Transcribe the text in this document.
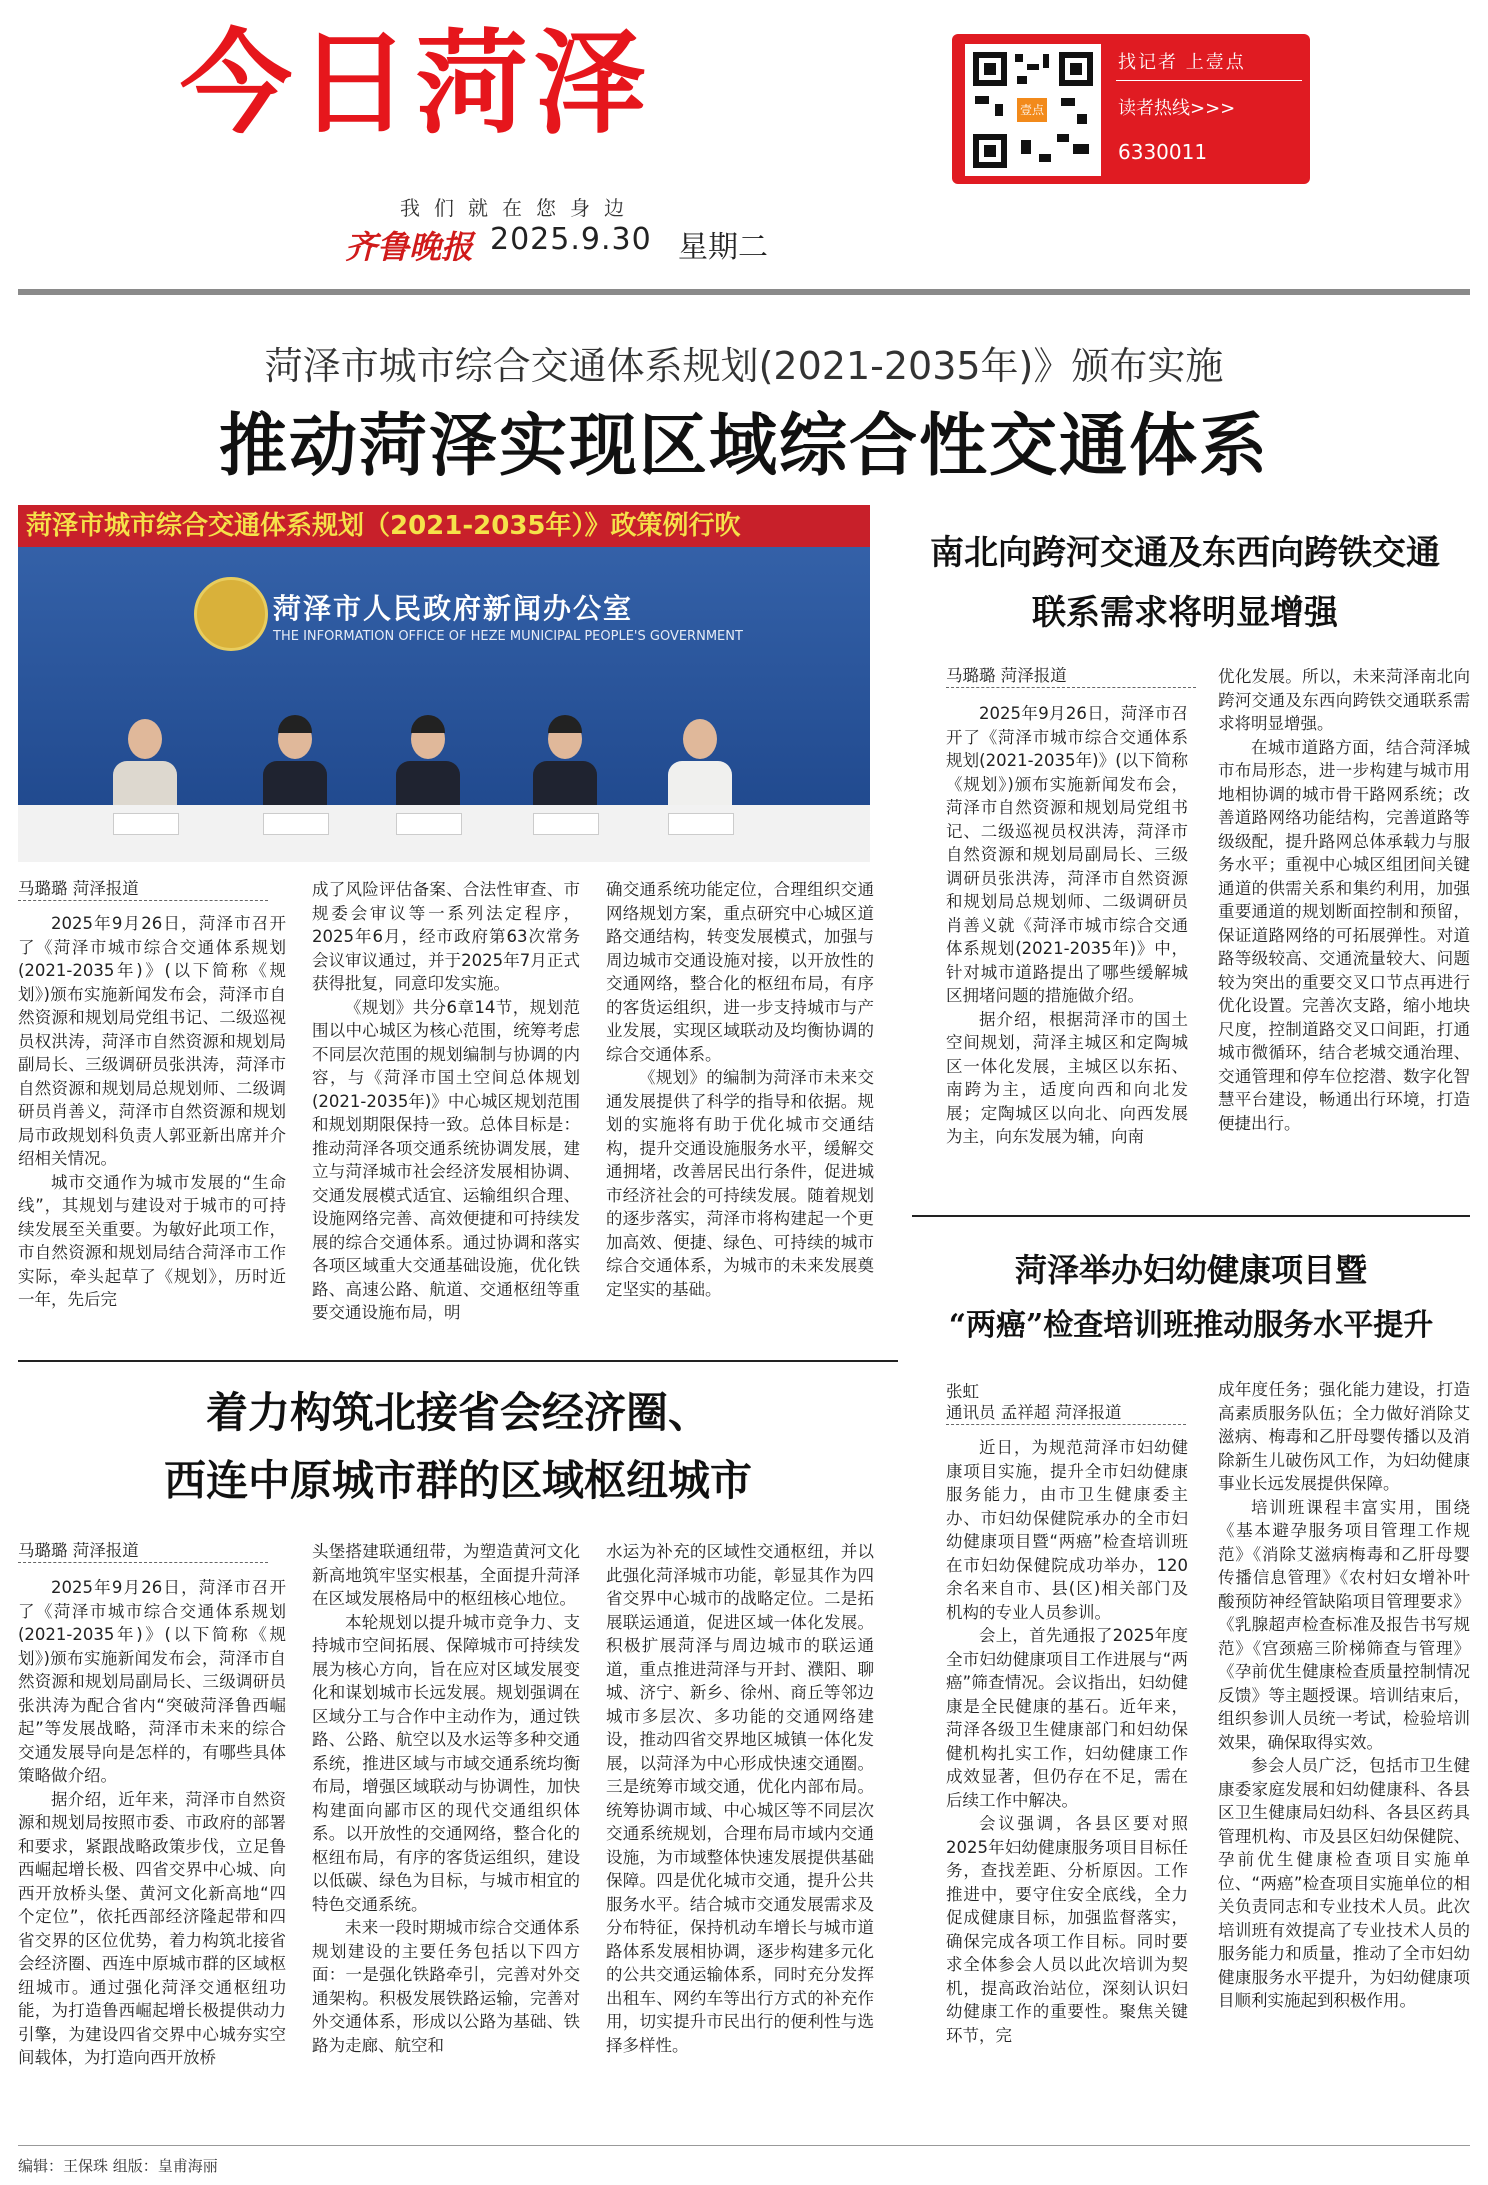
今日菏泽
我们就在您身边
齐鲁晚报 2025.9.30 星期二
壹点
找记者 上壹点
读者热线>>>
6330011
菏泽市城市综合交通体系规划(2021-2035年)》颁布实施
推动菏泽实现区域综合性交通体系
菏泽市城市综合交通体系规划（2021-2035年）》政策例行吹
菏泽市人民政府新闻办公室
THE INFORMATION OFFICE OF HEZE MUNICIPAL PEOPLE'S GOVERNMENT
马璐璐 菏泽报道

2025年9月26日，菏泽市召开了《菏泽市城市综合交通体系规划(2021-2035年)》(以下简称《规划》)颁布实施新闻发布会，菏泽市自然资源和规划局党组书记、二级巡视员权洪涛，菏泽市自然资源和规划局副局长、三级调研员张洪涛，菏泽市自然资源和规划局总规划师、二级调研员肖善义，菏泽市自然资源和规划局市政规划科负责人郭亚新出席并介绍相关情况。

城市交通作为城市发展的“生命线”，其规划与建设对于城市的可持续发展至关重要。为敏好此项工作，市自然资源和规划局结合菏泽市工作实际，牵头起草了《规划》，历时近一年，先后完

成了风险评估备案、合法性审查、市规委会审议等一系列法定程序，2025年6月，经市政府第63次常务会议审议通过，并于2025年7月正式获得批复，同意印发实施。

《规划》共分6章14节，规划范围以中心城区为核心范围，统筹考虑不同层次范围的规划编制与协调的内容，与《菏泽市国土空间总体规划(2021-2035年)》中心城区规划范围和规划期限保持一致。总体目标是：推动菏泽各项交通系统协调发展，建立与菏泽城市社会经济发展相协调、交通发展模式适宜、运输组织合理、设施网络完善、高效便捷和可持续发展的综合交通体系。通过协调和落实各项区域重大交通基础设施，优化铁路、高速公路、航道、交通枢纽等重要交通设施布局，明

确交通系统功能定位，合理组织交通网络规划方案，重点研究中心城区道路交通结构，转变发展模式，加强与周边城市交通设施对接，以开放性的交通网络，整合化的枢纽布局，有序的客货运组织，进一步支持城市与产业发展，实现区域联动及均衡协调的综合交通体系。

《规划》的编制为菏泽市未来交通发展提供了科学的指导和依据。规划的实施将有助于优化城市交通结构，提升交通设施服务水平，缓解交通拥堵，改善居民出行条件，促进城市经济社会的可持续发展。随着规划的逐步落实，菏泽市将构建起一个更加高效、便捷、绿色、可持续的城市综合交通体系，为城市的未来发展奠定坚实的基础。

南北向跨河交通及东西向跨铁交通
联系需求将明显增强
马璐璐 菏泽报道

2025年9月26日，菏泽市召开了《菏泽市城市综合交通体系规划(2021-2035年)》(以下简称《规划》)颁布实施新闻发布会，菏泽市自然资源和规划局党组书记、二级巡视员权洪涛，菏泽市自然资源和规划局副局长、三级调研员张洪涛，菏泽市自然资源和规划局总规划师、二级调研员肖善义就《菏泽市城市综合交通体系规划(2021-2035年)》中，针对城市道路提出了哪些缓解城区拥堵问题的措施做介绍。

据介绍，根据菏泽市的国土空间规划，菏泽主城区和定陶城区一体化发展，主城区以东拓、南跨为主，适度向西和向北发展；定陶城区以向北、向西发展为主，向东发展为辅，向南

优化发展。所以，未来菏泽南北向跨河交通及东西向跨铁交通联系需求将明显增强。

在城市道路方面，结合菏泽城市布局形态，进一步构建与城市用地相协调的城市骨干路网系统；改善道路网络功能结构，完善道路等级级配，提升路网总体承载力与服务水平；重视中心城区组团间关键通道的供需关系和集约利用，加强重要通道的规划断面控制和预留，保证道路网络的可拓展弹性。对道路等级较高、交通流量较大、问题较为突出的重要交叉口节点再进行优化设置。完善次支路，缩小地块尺度，控制道路交叉口间距，打通城市微循环，结合老城交通治理、交通管理和停车位挖潜、数字化智慧平台建设，畅通出行环境，打造便捷出行。

着力构筑北接省会经济圈、
西连中原城市群的区域枢纽城市
马璐璐 菏泽报道

2025年9月26日，菏泽市召开了《菏泽市城市综合交通体系规划(2021-2035年)》(以下简称《规划》)颁布实施新闻发布会，菏泽市自然资源和规划局副局长、三级调研员张洪涛为配合省内“突破菏泽鲁西崛起”等发展战略，菏泽市未来的综合交通发展导向是怎样的，有哪些具体策略做介绍。

据介绍，近年来，菏泽市自然资源和规划局按照市委、市政府的部署和要求，紧跟战略政策步伐，立足鲁西崛起增长极、四省交界中心城、向西开放桥头堡、黄河文化新高地“四个定位”，依托西部经济隆起带和四省交界的区位优势，着力构筑北接省会经济圈、西连中原城市群的区域枢纽城市。通过强化菏泽交通枢纽功能，为打造鲁西崛起增长极提供动力引擎，为建设四省交界中心城夯实空间载体，为打造向西开放桥

头堡搭建联通纽带，为塑造黄河文化新高地筑牢坚实根基，全面提升菏泽在区域发展格局中的枢纽核心地位。

本轮规划以提升城市竞争力、支持城市空间拓展、保障城市可持续发展为核心方向，旨在应对区域发展变化和谋划城市长远发展。规划强调在区域分工与合作中主动作为，通过铁路、公路、航空以及水运等多种交通系统，推进区域与市域交通系统均衡布局，增强区域联动与协调性，加快构建面向鄙市区的现代交通组织体系。以开放性的交通网络，整合化的枢纽布局，有序的客货运组织，建设以低碳、绿色为目标，与城市相宜的特色交通系统。

未来一段时期城市综合交通体系规划建设的主要任务包括以下四方面：一是强化铁路牵引，完善对外交通架构。积极发展铁路运输，完善对外交通体系，形成以公路为基础、铁路为走廊、航空和

水运为补充的区域性交通枢纽，并以此强化菏泽城市功能，彰显其作为四省交界中心城市的战略定位。二是拓展联运通道，促进区域一体化发展。积极扩展菏泽与周边城市的联运通道，重点推进菏泽与开封、濮阳、聊城、济宁、新乡、徐州、商丘等邻边城市多层次、多功能的交通网络建设，推动四省交界地区城镇一体化发展，以菏泽为中心形成快速交通圈。三是统筹市域交通，优化内部布局。统筹协调市域、中心城区等不同层次交通系统规划，合理布局市域内交通设施，为市域整体快速发展提供基础保障。四是优化城市交通，提升公共服务水平。结合城市交通发展需求及分布特征，保持机动车增长与城市道路体系发展相协调，逐步构建多元化的公共交通运输体系，同时充分发挥出租车、网约车等出行方式的补充作用，切实提升市民出行的便利性与选择多样性。

菏泽举办妇幼健康项目暨
“两癌”检查培训班推动服务水平提升
张虹
通讯员 孟祥超 菏泽报道

近日，为规范菏泽市妇幼健康项目实施，提升全市妇幼健康服务能力，由市卫生健康委主办、市妇幼保健院承办的全市妇幼健康项目暨“两癌”检查培训班在市妇幼保健院成功举办，120余名来自市、县(区)相关部门及机构的专业人员参训。

会上，首先通报了2025年度全市妇幼健康项目工作进展与“两癌”筛查情况。会议指出，妇幼健康是全民健康的基石。近年来，菏泽各级卫生健康部门和妇幼保健机构扎实工作，妇幼健康工作成效显著，但仍存在不足，需在后续工作中解决。

会议强调，各县区要对照2025年妇幼健康服务项目目标任务，查找差距、分析原因。工作推进中，要守住安全底线，全力促成健康目标，加强监督落实，确保完成各项工作目标。同时要求全体参会人员以此次培训为契机，提高政治站位，深刻认识妇幼健康工作的重要性。聚焦关键环节，完

成年度任务；强化能力建设，打造高素质服务队伍；全力做好消除艾滋病、梅毒和乙肝母婴传播以及消除新生儿破伤风工作，为妇幼健康事业长远发展提供保障。

培训班课程丰富实用，围绕《基本避孕服务项目管理工作规范》《消除艾滋病梅毒和乙肝母婴传播信息管理》《农村妇女增补叶酸预防神经管缺陷项目管理要求》《乳腺超声检查标准及报告书写规范》《宫颈癌三阶梯筛查与管理》《孕前优生健康检查质量控制情况反馈》等主题授课。培训结束后，组织参训人员统一考试，检验培训效果，确保取得实效。

参会人员广泛，包括市卫生健康委家庭发展和妇幼健康科、各县区卫生健康局妇幼科、各县区药具管理机构、市及县区妇幼保健院、孕前优生健康检查项目实施单位、“两癌”检查项目实施单位的相关负责同志和专业技术人员。此次培训班有效提高了专业技术人员的服务能力和质量，推动了全市妇幼健康服务水平提升，为妇幼健康项目顺利实施起到积极作用。

编辑：王保珠 组版：皇甫海丽
